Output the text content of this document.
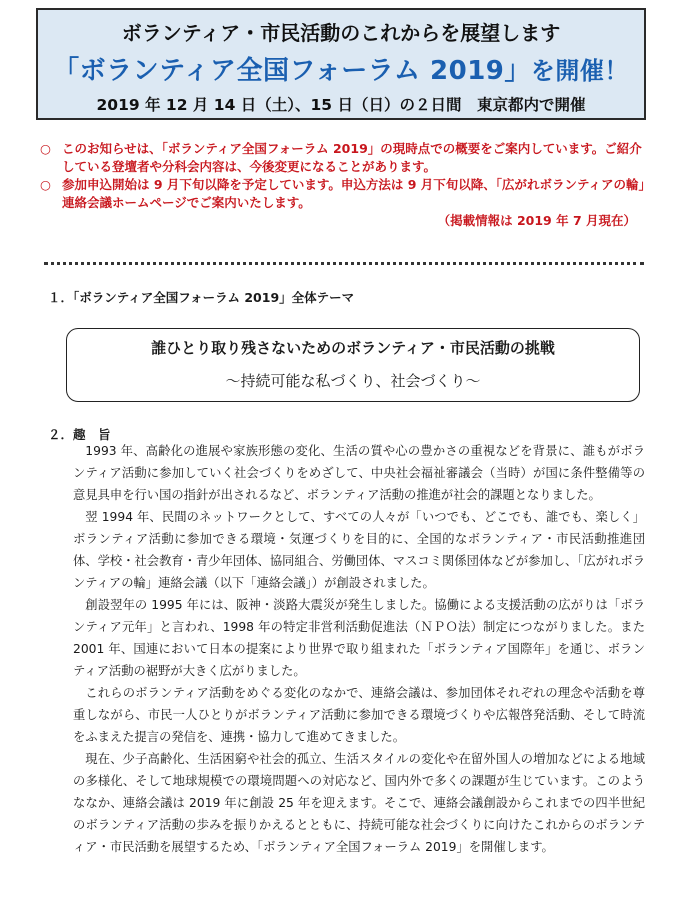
ボランティア・市民活動のこれからを展望します
「ボランティア全国フォーラム 2019」を開催！
2019 年 12 月 14 日（土）、15 日（日）の２日間　東京都内で開催
○ このお知らせは、「ボランティア全国フォーラム 2019」の現時点での概要をご案内しています。ご紹介している登壇者や分科会内容は、今後変更になることがあります。
○ 参加申込開始は 9 月下旬以降を予定しています。申込方法は 9 月下旬以降、「広がれボランティアの輪」連絡会議ホームページでご案内いたします。
（掲載情報は 2019 年 7 月現在）
１．「ボランティア全国フォーラム 2019」全体テーマ
誰ひとり取り残さないためのボランティア・市民活動の挑戦
～持続可能な私づくり、社会づくり～
２．趣　旨

1993 年、高齢化の進展や家族形態の変化、生活の質や心の豊かさの重視などを背景に、誰もがボランティア活動に参加していく社会づくりをめざして、中央社会福祉審議会（当時）が国に条件整備等の意見具申を行い国の指針が出されるなど、ボランティア活動の推進が社会的課題となりました。

翌 1994 年、民間のネットワークとして、すべての人々が「いつでも、どこでも、誰でも、楽しく」ボランティア活動に参加できる環境・気運づくりを目的に、全国的なボランティア・市民活動推進団体、学校・社会教育・青少年団体、協同組合、労働団体、マスコミ関係団体などが参加し、「広がれボランティアの輪」連絡会議（以下「連絡会議」）が創設されました。

創設翌年の 1995 年には、阪神・淡路大震災が発生しました。協働による支援活動の広がりは「ボランティア元年」と言われ、1998 年の特定非営利活動促進法（ＮＰＯ法）制定につながりました。また 2001 年、国連において日本の提案により世界で取り組まれた「ボランティア国際年」を通じ、ボランティア活動の裾野が大きく広がりました。

これらのボランティア活動をめぐる変化のなかで、連絡会議は、参加団体それぞれの理念や活動を尊重しながら、市民一人ひとりがボランティア活動に参加できる環境づくりや広報啓発活動、そして時流をふまえた提言の発信を、連携・協力して進めてきました。

現在、少子高齢化、生活困窮や社会的孤立、生活スタイルの変化や在留外国人の増加などによる地域の多様化、そして地球規模での環境問題への対応など、国内外で多くの課題が生じています。このようななか、連絡会議は 2019 年に創設 25 年を迎えます。そこで、連絡会議創設からこれまでの四半世紀のボランティア活動の歩みを振りかえるとともに、持続可能な社会づくりに向けたこれからのボランティア・市民活動を展望するため、「ボランティア全国フォーラム 2019」を開催します。
